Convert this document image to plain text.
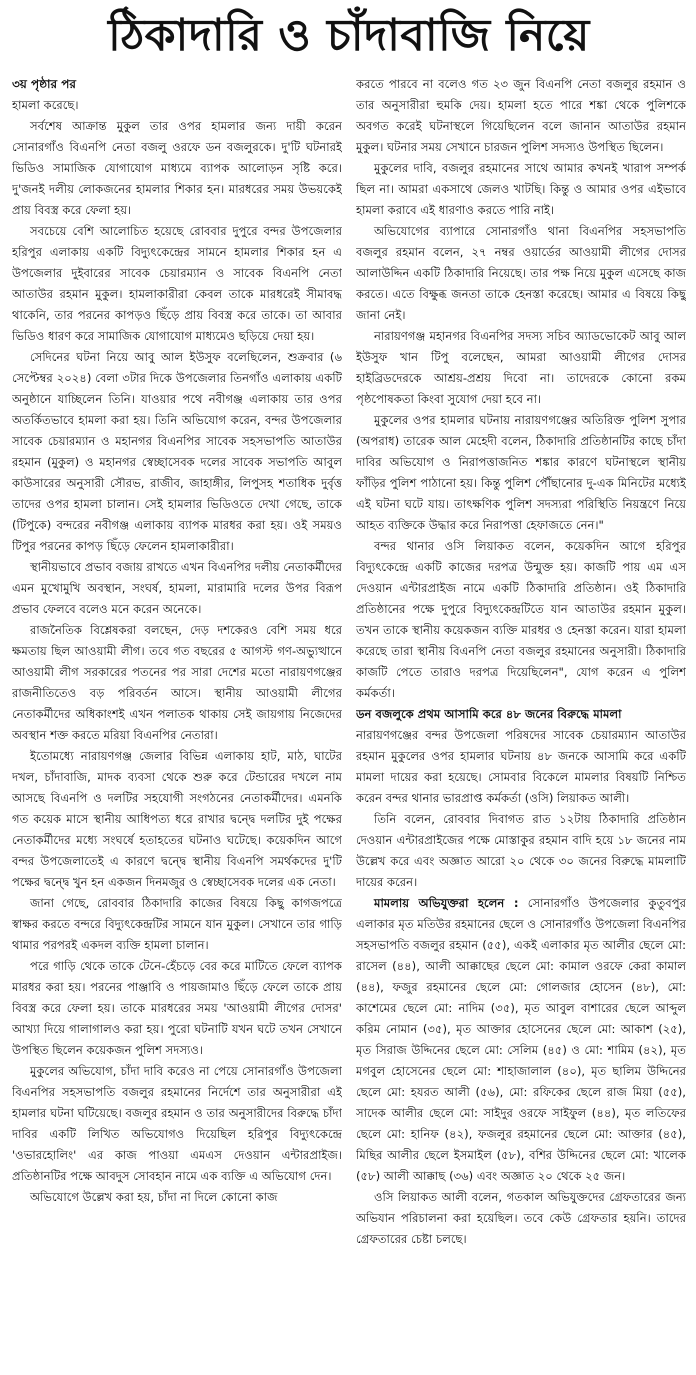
ঠিকাদারি ও চাঁদাবাজি নিয়ে

৩য় পৃষ্ঠার পর

হামলা করেছে।

সর্বশেষ আক্রান্ত মুকুল তার ওপর হামলার জন্য দায়ী করেন সোনারগাঁও বিএনপি নেতা বজলু ওরফে ডন বজলুরকে। দু'টি ঘটনারই ভিডিও সামাজিক যোগাযোগ মাধ্যমে ব্যাপক আলোড়ন সৃষ্টি করে। দু'জনই দলীয় লোকজনের হামলার শিকার হন। মারধরের সময় উভয়কেই প্রায় বিবস্ত্র করে ফেলা হয়।

সবচেয়ে বেশি আলোচিত হয়েছে রোববার দুপুরে বন্দর উপজেলার হরিপুর এলাকায় একটি বিদ্যুৎকেন্দ্রের সামনে হামলার শিকার হন এ উপজেলার দুইবারের সাবেক চেয়ারম্যান ও সাবেক বিএনপি নেতা আতাউর রহমান মুকুল। হামলাকারীরা কেবল তাকে মারধরেই সীমাবদ্ধ থাকেনি, তার পরনের কাপড়ও ছিঁড়ে প্রায় বিবস্ত্র করে তাকে। তা আবার ভিডিও ধারণ করে সামাজিক যোগাযোগ মাধ্যমেও ছড়িয়ে দেয়া হয়।

সেদিনের ঘটনা নিয়ে আবু আল ইউসুফ বলেছিলেন, শুক্রবার (৬ সেপ্টেম্বর ২০২৪) বেলা ৩টার দিকে উপজেলার তিনগাঁও এলাকায় একটি অনুষ্ঠানে যাচ্ছিলেন তিনি। যাওয়ার পথে নবীগঞ্জ এলাকায় তার ওপর অতর্কিতভাবে হামলা করা হয়। তিনি অভিযোগ করেন, বন্দর উপজেলার সাবেক চেয়ারম্যান ও মহানগর বিএনপির সাবেক সহসভাপতি আতাউর রহমান (মুকুল) ও মহানগর স্বেচ্ছাসেবক দলের সাবেক সভাপতি আবুল কাউসারের অনুসারী সৌরভ, রাজীব, জাহাঙ্গীর, লিপুসহ শতাধিক দুর্বৃত্ত তাদের ওপর হামলা চালান। সেই হামলার ভিডিওতে দেখা গেছে, তাকে (টিপুকে) বন্দরের নবীগঞ্জ এলাকায় ব্যাপক মারধর করা হয়। ওই সময়ও টিপুর পরনের কাপড় ছিঁড়ে ফেলেন হামলাকারীরা।

স্থানীয়ভাবে প্রভাব বজায় রাখতে এখন বিএনপির দলীয় নেতাকর্মীদের এমন মুখোমুখি অবস্থান, সংঘর্ষ, হামলা, মারামারি দলের উপর বিরূপ প্রভাব ফেলবে বলেও মনে করেন অনেকে।

রাজনৈতিক বিশ্লেষকরা বলছেন, দেড় দশকেরও বেশি সময় ধরে ক্ষমতায় ছিল আওয়ামী লীগ। তবে গত বছরের ৫ আগস্ট গণ-অভ্যুত্থানে আওয়ামী লীগ সরকারের পতনের পর সারা দেশের মতো নারায়ণগঞ্জের রাজনীতিতেও বড় পরিবর্তন আসে। স্থানীয় আওয়ামী লীগের নেতাকর্মীদের অধিকাংশই এখন পলাতক থাকায় সেই জায়গায় নিজেদের অবস্থান শক্ত করতে মরিয়া বিএনপির নেতারা।

ইতোমধ্যে নারায়ণগঞ্জ জেলার বিভিন্ন এলাকায় হাট, মাঠ, ঘাটের দখল, চাঁদাবাজি, মাদক ব্যবসা থেকে শুরু করে টেন্ডারের দখলে নাম আসছে বিএনপি ও দলটির সহযোগী সংগঠনের নেতাকর্মীদের। এমনকি গত কয়েক মাসে স্থানীয় আধিপত্য ধরে রাখার দ্বন্দ্বে দলটির দুই পক্ষের নেতাকর্মীদের মধ্যে সংঘর্ষে হতাহতের ঘটনাও ঘটেছে। কয়েকদিন আগে বন্দর উপজেলাতেই এ কারণে দ্বন্দ্বে স্থানীয় বিএনপি সমর্থকদের দু'টি পক্ষের দ্বন্দ্বে খুন হন একজন দিনমজুর ও স্বেচ্ছাসেবক দলের এক নেতা।

জানা গেছে, রোববার ঠিকাদারি কাজের বিষয়ে কিছু কাগজপত্রে স্বাক্ষর করতে বন্দরে বিদ্যুৎকেন্দ্রটির সামনে যান মুকুল। সেখানে তার গাড়ি থামার পরপরই একদল ব্যক্তি হামলা চালান।

পরে গাড়ি থেকে তাকে টেনে-হেঁচড়ে বের করে মাটিতে ফেলে ব্যাপক মারধর করা হয়। পরনের পাঞ্জাবি ও পায়জামাও ছিঁড়ে ফেলে তাকে প্রায় বিবস্ত্র করে ফেলা হয়। তাকে মারধরের সময় 'আওয়ামী লীগের দোসর' আখ্যা দিয়ে গালাগালও করা হয়। পুরো ঘটনাটি যখন ঘটে তখন সেখানে উপস্থিত ছিলেন কয়েকজন পুলিশ সদস্যও।

মুকুলের অভিযোগ, চাঁদা দাবি করেও না পেয়ে সোনারগাঁও উপজেলা বিএনপির সহসভাপতি বজলুর রহমানের নির্দেশে তার অনুসারীরা এই হামলার ঘটনা ঘটিয়েছে। বজলুর রহমান ও তার অনুসারীদের বিরুদ্ধে চাঁদা দাবির একটি লিখিত অভিযোগও দিয়েছিল হরিপুর বিদ্যুৎকেন্দ্রে 'ওভারহোলিং' এর কাজ পাওয়া এমএস দেওয়ান এন্টারপ্রাইজ। প্রতিষ্ঠানটির পক্ষে আবদুস সোবহান নামে এক ব্যক্তি এ অভিযোগ দেন।

অভিযোগে উল্লেখ করা হয়, চাঁদা না দিলে কোনো কাজ

করতে পারবে না বলেও গত ২৩ জুন বিএনপি নেতা বজলুর রহমান ও তার অনুসারীরা হুমকি দেয়। হামলা হতে পারে শঙ্কা থেকে পুলিশকে অবগত করেই ঘটনাস্থলে গিয়েছিলেন বলে জানান আতাউর রহমান মুকুল। ঘটনার সময় সেখানে চারজন পুলিশ সদস্যও উপস্থিত ছিলেন।

মুকুলের দাবি, বজলুর রহমানের সাথে আমার কখনই খারাপ সম্পর্ক ছিল না। আমরা একসাথে জেলও খাটছি। কিন্তু ও আমার ওপর এইভাবে হামলা করাবে এই ধারণাও করতে পারি নাই।

অভিযোগের ব্যাপারে সোনারগাঁও থানা বিএনপির সহসভাপতি বজলুর রহমান বলেন, ২৭ নম্বর ওয়ার্ডের আওয়ামী লীগের দোসর আলাউদ্দিন একটি ঠিকাদারি নিয়েছে। তার পক্ষ নিয়ে মুকুল এসেছে কাজ করতে। এতে বিক্ষুব্ধ জনতা তাকে হেনস্তা করেছে। আমার এ বিষয়ে কিছু জানা নেই।

নারায়ণগঞ্জ মহানগর বিএনপির সদস্য সচিব অ্যাডভোকেট আবু আল ইউসুফ খান টিপু বলেছেন, আমরা আওয়ামী লীগের দোসর হাইব্রিডদেরকে আশ্রয়-প্রশ্রয় দিবো না। তাদেরকে কোনো রকম পৃষ্ঠপোষকতা কিংবা সুযোগ দেয়া হবে না।

মুকুলের ওপর হামলার ঘটনায় নারায়ণগঞ্জের অতিরিক্ত পুলিশ সুপার (অপরাধ) তারেক আল মেহেদী বলেন, ঠিকাদারি প্রতিষ্ঠানটির কাছে চাঁদা দাবির অভিযোগ ও নিরাপত্তাজনিত শঙ্কার কারণে ঘটনাস্থলে স্থানীয় ফাঁড়ির পুলিশ পাঠানো হয়। কিন্তু পুলিশ পৌঁছানোর দু-এক মিনিটের মধ্যেই এই ঘটনা ঘটে যায়। তাৎক্ষণিক পুলিশ সদস্যরা পরিস্থিতি নিয়ন্ত্রণে নিয়ে আহত ব্যক্তিকে উদ্ধার করে নিরাপত্তা হেফাজতে নেন।"

বন্দর থানার ওসি লিয়াকত বলেন, কয়েকদিন আগে হরিপুর বিদ্যুৎকেন্দ্রে একটি কাজের দরপত্র উন্মুক্ত হয়। কাজটি পায় এম এস দেওয়ান এন্টারপ্রাইজ নামে একটি ঠিকাদারি প্রতিষ্ঠান। ওই ঠিকাদারি প্রতিষ্ঠানের পক্ষে দুপুরে বিদ্যুৎকেন্দ্রটিতে যান আতাউর রহমান মুকুল। তখন তাকে স্থানীয় কয়েকজন ব্যক্তি মারধর ও হেনস্তা করেন। যারা হামলা করেছে তারা স্থানীয় বিএনপি নেতা বজলুর রহমানের অনুসারী। ঠিকাদারি কাজটি পেতে তারাও দরপত্র দিয়েছিলেন", যোগ করেন এ পুলিশ কর্মকর্তা।

ডন বজলুকে প্রথম আসামি করে ৪৮ জনের বিরুদ্ধে মামলা

নারায়ণগঞ্জের বন্দর উপজেলা পরিষদের সাবেক চেয়ারম্যান আতাউর রহমান মুকুলের ওপর হামলার ঘটনায় ৪৮ জনকে আসামি করে একটি মামলা দায়ের করা হয়েছে। সোমবার বিকেলে মামলার বিষয়টি নিশ্চিত করেন বন্দর থানার ভারপ্রাপ্ত কর্মকর্তা (ওসি) লিয়াকত আলী।

তিনি বলেন, রোববার দিবাগত রাত ১২টায় ঠিকাদারি প্রতিষ্ঠান দেওয়ান এন্টারপ্রাইজের পক্ষে মোস্তাকুর রহমান বাদি হয়ে ১৮ জনের নাম উল্লেখ করে এবং অজ্ঞাত আরো ২০ থেকে ৩০ জনের বিরুদ্ধে মামলাটি দায়ের করেন।

মামলায় অভিযুক্তরা হলেন : সোনারগাঁও উপজেলার কুতুবপুর এলাকার মৃত মতিউর রহমানের ছেলে ও সোনারগাঁও উপজেলা বিএনপির সহসভাপতি বজলুর রহমান (৫৫), একই এলাকার মৃত আলীর ছেলে মো: রাসেল (৪৪), আলী আক্কাছের ছেলে মো: কামাল ওরফে কেরা কামাল (৪৪), ফজুর রহমানের ছেলে মো: গোলজার হোসেন (৪৮), মো: কাশেমের ছেলে মো: নাদিম (৩৫), মৃত আবুল বাশারের ছেলে আব্দুল করিম নোমান (৩৫), মৃত আক্তার হোসেনের ছেলে মো: আকাশ (২৫), মৃত সিরাজ উদ্দিনের ছেলে মো: সেলিম (৪৫) ও মো: শামিম (৪২), মৃত মগবুল হোসেনের ছেলে মো: শাহাজালাল (৪০), মৃত ছালিম উদ্দিনের ছেলে মো: হযরত আলী (৫৬), মো: রফিকের ছেলে রাজ মিয়া (৫৫), সাদেক আলীর ছেলে মো: সাইদুর ওরফে সাইফুল (৪৪), মৃত লতিফের ছেলে মো: হানিফ (৪২), ফজলুর রহমানের ছেলে মো: আক্তার (৪৫), মিছির আলীর ছেলে ইসমাইল (৫৮), বশির উদ্দিনের ছেলে মো: খালেক (৫৮) আলী আক্কাছ (৩৬) এবং অজ্ঞাত ২০ থেকে ২৫ জন।

ওসি লিয়াকত আলী বলেন, গতকাল অভিযুক্তদের গ্রেফতারের জন্য অভিযান পরিচালনা করা হয়েছিল। তবে কেউ গ্রেফতার হয়নি। তাদের গ্রেফতারের চেষ্টা চলছে।
